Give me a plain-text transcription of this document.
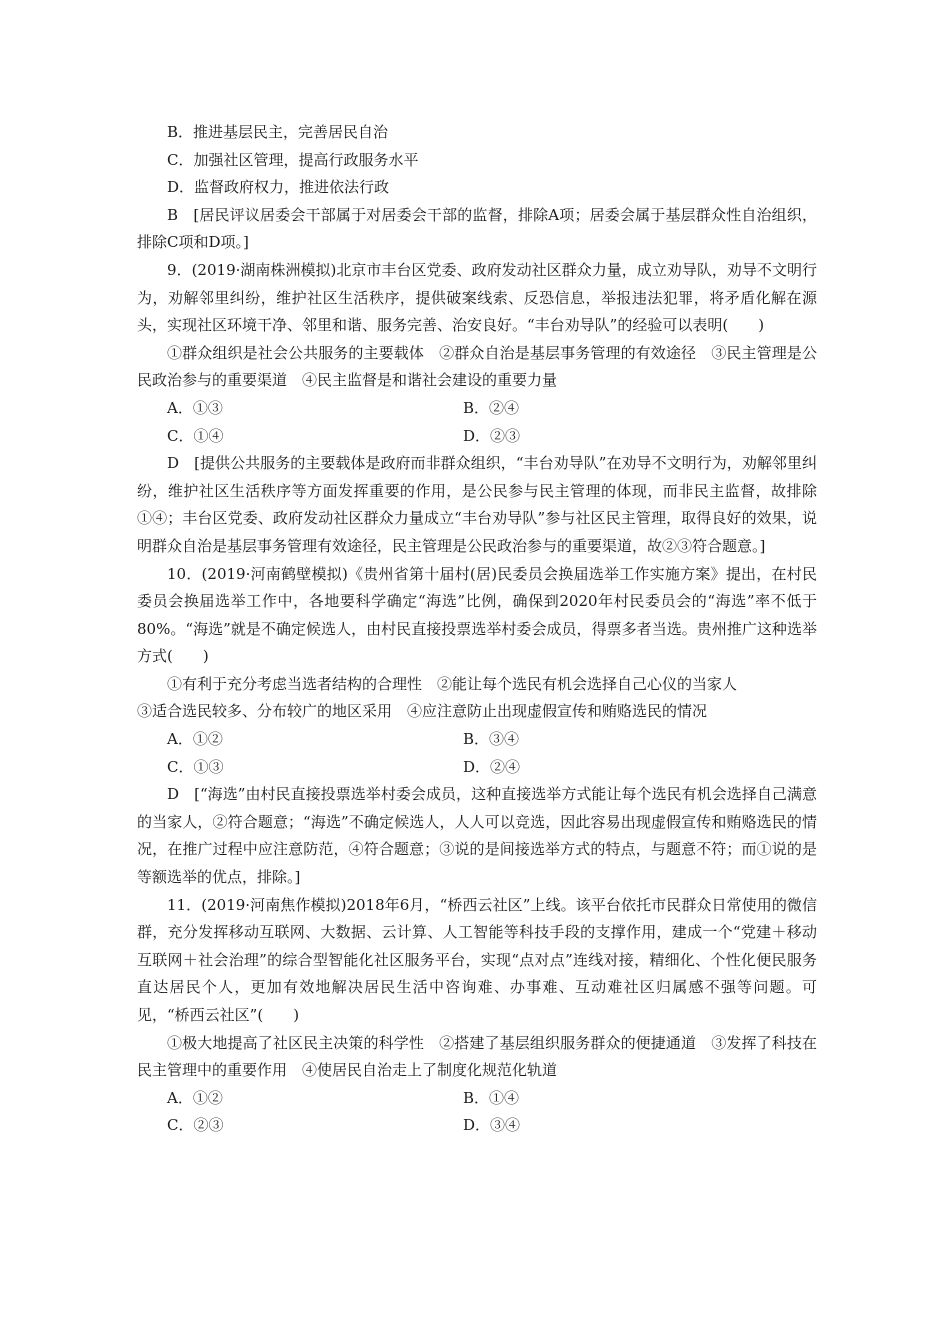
B．推进基层民主，完善居民自治

C．加强社区管理，提高行政服务水平

D．监督政府权力，推进依法行政

B　[居民评议居委会干部属于对居委会干部的监督，排除A项；居委会属于基层群众性自治组织，排除C项和D项。]

9．(2019·湖南株洲模拟)北京市丰台区党委、政府发动社区群众力量，成立劝导队，劝导不文明行为，劝解邻里纠纷，维护社区生活秩序，提供破案线索、反恐信息，举报违法犯罪，将矛盾化解在源头，实现社区环境干净、邻里和谐、服务完善、治安良好。“丰台劝导队”的经验可以表明(　　)

①群众组织是社会公共服务的主要载体　②群众自治是基层事务管理的有效途径　③民主管理是公民政治参与的重要渠道　④民主监督是和谐社会建设的重要力量

A．①③	B．②④
C．①④	D．②③

D　[提供公共服务的主要载体是政府而非群众组织，“丰台劝导队”在劝导不文明行为，劝解邻里纠纷，维护社区生活秩序等方面发挥重要的作用，是公民参与民主管理的体现，而非民主监督，故排除①④；丰台区党委、政府发动社区群众力量成立“丰台劝导队”参与社区民主管理，取得良好的效果，说明群众自治是基层事务管理有效途径，民主管理是公民政治参与的重要渠道，故②③符合题意。]

10．(2019·河南鹤壁模拟)《贵州省第十届村(居)民委员会换届选举工作实施方案》提出，在村民委员会换届选举工作中，各地要科学确定“海选”比例，确保到2020年村民委员会的“海选”率不低于80%。“海选”就是不确定候选人，由村民直接投票选举村委会成员，得票多者当选。贵州推广这种选举方式(　　)

①有利于充分考虑当选者结构的合理性　②能让每个选民有机会选择自己心仪的当家人

③适合选民较多、分布较广的地区采用　④应注意防止出现虚假宣传和贿赂选民的情况

A．①②	B．③④
C．①③	D．②④

D　[“海选”由村民直接投票选举村委会成员，这种直接选举方式能让每个选民有机会选择自己满意的当家人，②符合题意；“海选”不确定候选人，人人可以竞选，因此容易出现虚假宣传和贿赂选民的情况，在推广过程中应注意防范，④符合题意；③说的是间接选举方式的特点，与题意不符；而①说的是等额选举的优点，排除。]

11．(2019·河南焦作模拟)2018年6月，“桥西云社区”上线。该平台依托市民群众日常使用的微信群，充分发挥移动互联网、大数据、云计算、人工智能等科技手段的支撑作用，建成一个“党建＋移动互联网＋社会治理”的综合型智能化社区服务平台，实现“点对点”连线对接，精细化、个性化便民服务直达居民个人，更加有效地解决居民生活中咨询难、办事难、互动难社区归属感不强等问题。可见，“桥西云社区”(　　)

①极大地提高了社区民主决策的科学性　②搭建了基层组织服务群众的便捷通道　③发挥了科技在民主管理中的重要作用　④使居民自治走上了制度化规范化轨道

A．①②	B．①④
C．②③	D．③④
